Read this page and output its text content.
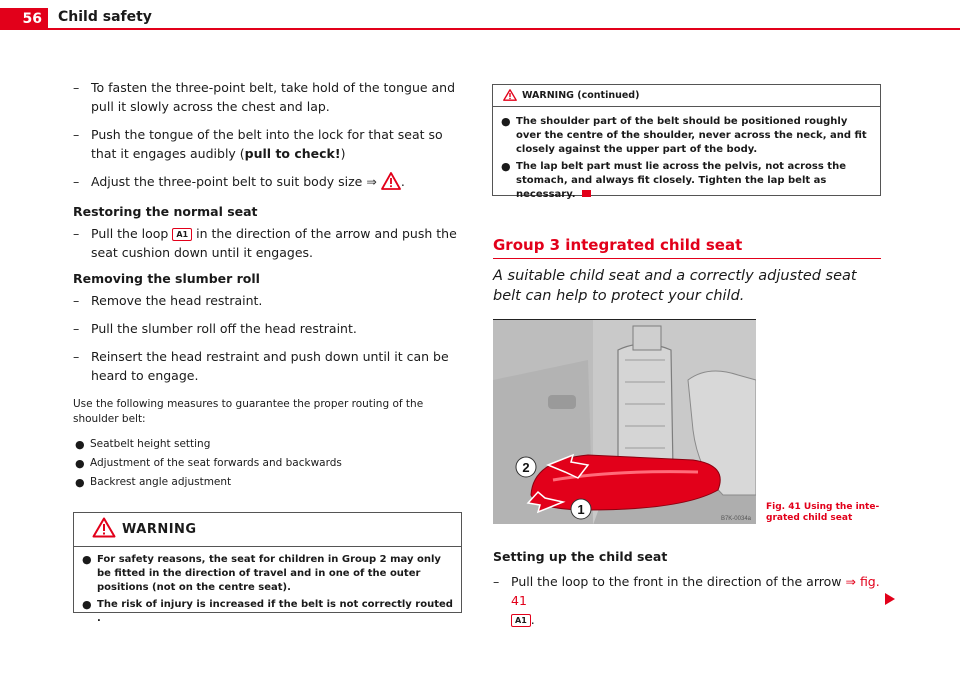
56	Child safety
– To fasten the three-point belt, take hold of the tongue and pull it slowly across the chest and lap.
– Push the tongue of the belt into the lock for that seat so that it engages audibly (pull to check!)
– Adjust the three-point belt to suit body size ⇒ .
Restoring the normal seat
– Pull the loop A1 in the direction of the arrow and push the seat cushion down until it engages.
Removing the slumber roll
– Remove the head restraint.
– Pull the slumber roll off the head restraint.
– Reinsert the head restraint and push down until it can be heard to engage.
Use the following measures to guarantee the proper routing of the shoulder belt:
● Seatbelt height setting
● Adjustment of the seat forwards and backwards
● Backrest angle adjustment
WARNING
● For safety reasons, the seat for children in Group 2 may only be fitted in the direction of travel and in one of the outer positions (not on the centre seat).
● The risk of injury is increased if the belt is not correctly routed .
WARNING (continued)
● The shoulder part of the belt should be positioned roughly over the centre of the shoulder, never across the neck, and fit closely against the upper part of the body.
● The lap belt part must lie across the pelvis, not across the stomach, and always fit closely. Tighten the lap belt as necessary.
Group 3 integrated child seat
A suitable child seat and a correctly adjusted seat belt can help to protect your child.
2
1
B7K-0034a
Fig. 41 Using the inte-grated child seat
Setting up the child seat
– Pull the loop to the front in the direction of the arrow ⇒ fig. 41
A1 .
